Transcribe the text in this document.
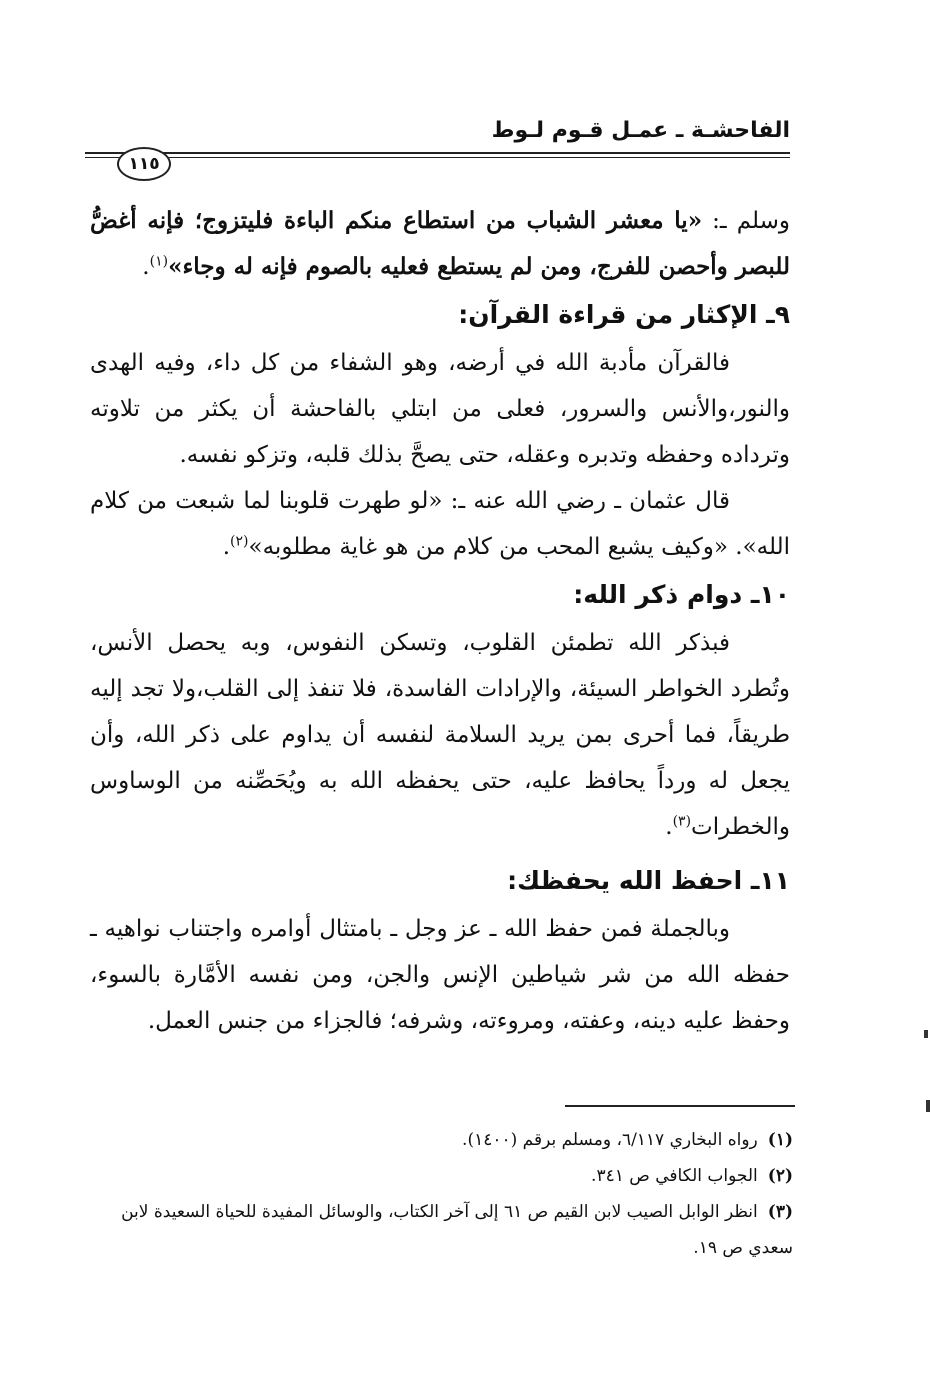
الفاحشـة ـ عمـل قـوم لـوط
١١٥

وسلم ـ: «يا معشر الشباب من استطاع منكم الباءة فليتزوج؛ فإنه أغضُّ للبصر وأحصن للفرج، ومن لم يستطع فعليه بالصوم فإنه له وجاء»$^{(١)}$.

٩ـ الإكثار من قراءة القرآن:

فالقرآن مأدبة الله في أرضه، وهو الشفاء من كل داء، وفيه الهدى والنور،والأنس والسرور، فعلى من ابتلي بالفاحشة أن يكثر من تلاوته وترداده وحفظه وتدبره وعقله، حتى يصحَّ بذلك قلبه، وتزكو نفسه.

قال عثمان ـ رضي الله عنه ـ: «لو طهرت قلوبنا لما شبعت من كلام الله». «وكيف يشبع المحب من كلام من هو غاية مطلوبه»$^{(٢)}$.

١٠ـ دوام ذكر الله:

فبذكر الله تطمئن القلوب، وتسكن النفوس، وبه يحصل الأنس، وتُطرد الخواطر السيئة، والإرادات الفاسدة، فلا تنفذ إلى القلب،ولا تجد إليه طريقاً، فما أحرى بمن يريد السلامة لنفسه أن يداوم على ذكر الله، وأن يجعل له ورداً يحافظ عليه، حتى يحفظه الله به ويُحَصِّنه من الوساوس والخطرات$^{(٣)}$.

١١ـ احفظ الله يحفظك:

وبالجملة فمن حفظ الله ـ عز وجل ـ بامتثال أوامره واجتناب نواهيه ـ حفظه الله من شر شياطين الإنس والجن، ومن نفسه الأمَّارة بالسوء، وحفظ عليه دينه، وعفته، ومروءته، وشرفه؛ فالجزاء من جنس العمل.

(١)رواه البخاري ٦/١١٧، ومسلم برقم (١٤٠٠).

(٢)الجواب الكافي ص ٣٤١.

(٣)انظر الوابل الصيب لابن القيم ص ٦١ إلى آخر الكتاب، والوسائل المفيدة للحياة السعيدة لابن سعدي ص ١٩.
